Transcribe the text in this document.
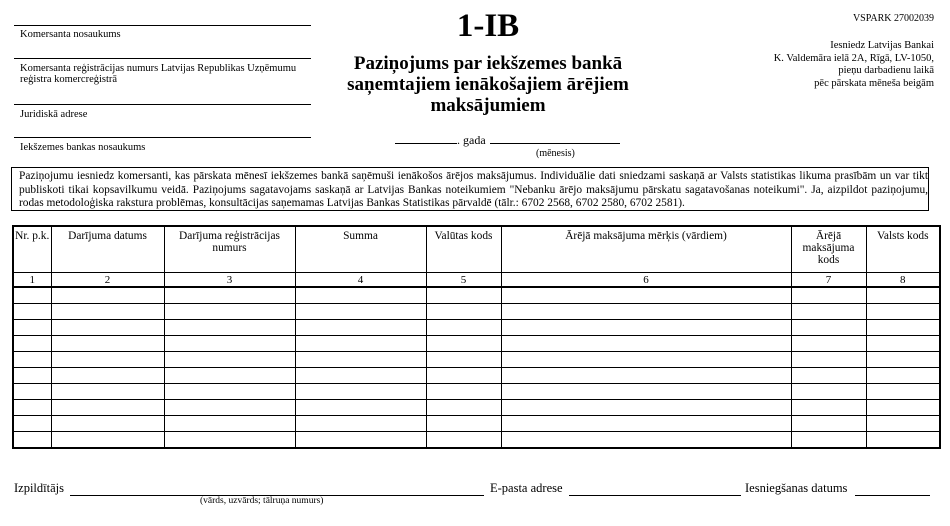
Komersanta nosaukums
Komersanta reģistrācijas numurs Latvijas Republikas Uzņēmumu reģistra komercreģistrā
Juridiskā adrese
Iekšzemes bankas nosaukums
1-IB
Paziņojums par iekšzemes bankā saņemtajiem ienākošajiem ārējiem maksājumiem
. gada
(mēnesis)
VSPARK 27002039
Iesniedz Latvijas Bankai
K. Valdemāra ielā 2A, Rīgā, LV-1050,
pieņu darbadienu laikā
pēc pārskata mēneša beigām
Paziņojumu iesniedz komersanti, kas pārskata mēnesī iekšzemes bankā saņēmuši ienākošos ārējos maksājumus. Individuālie dati sniedzami saskaņā ar Valsts statistikas likuma prasībām un var tikt publiskoti tikai kopsavilkumu veidā. Paziņojums sagatavojams saskaņā ar Latvijas Bankas noteikumiem "Nebanku ārējo maksājumu pārskatu sagatavošanas noteikumi". Ja, aizpildot paziņojumu, rodas metodoloģiska rakstura problēmas, konsultācijas saņemamas Latvijas Bankas Statistikas pārvaldē (tālr.: 6702 2568, 6702 2580, 6702 2581).
Nr. p.k.	Darījuma datums	Darījuma reģistrācijas numurs	Summa	Valūtas kods	Ārējā maksājuma mērķis (vārdiem)	Ārējā maksājuma kods	Valsts kods
1	2	3	4	5	6	7	8

Izpildītājs
(vārds, uzvārds; tālruņa numurs)
E-pasta adrese	Iesniegšanas datums
